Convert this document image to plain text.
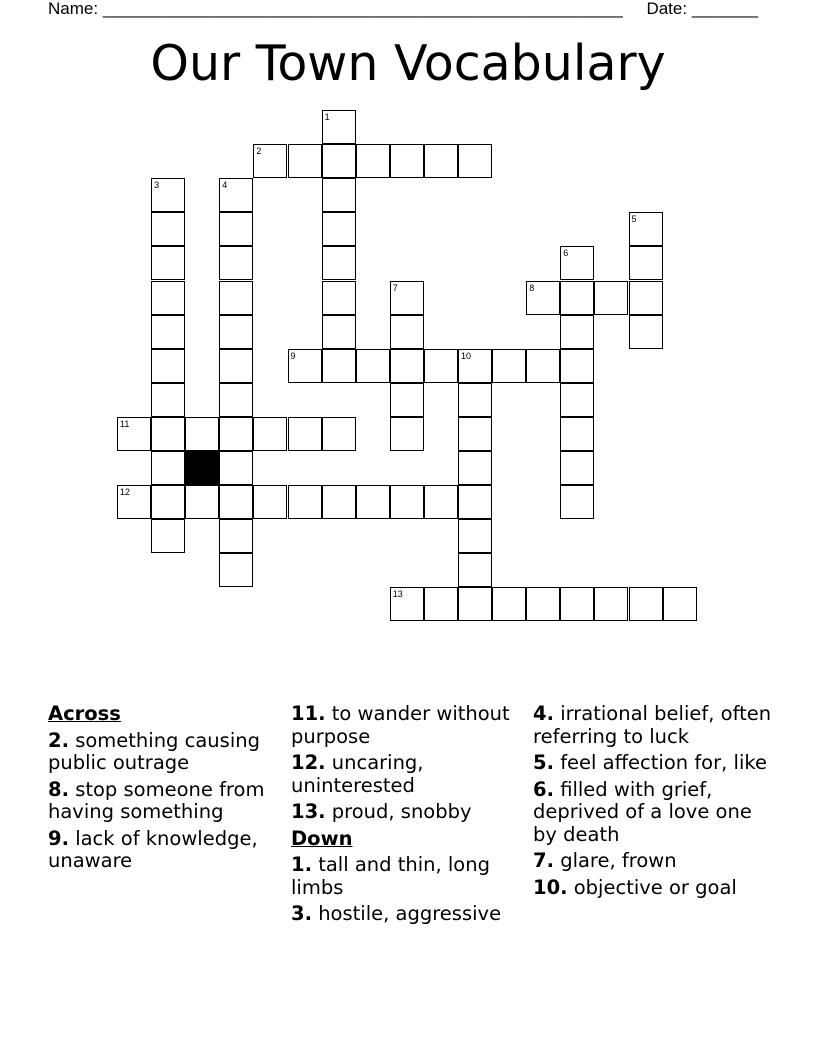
Name: _______________________________________________________ Date: _______
Our Town Vocabulary
1
2
3	4
5
6
7	8
9	10
11
12
13
Across

2. something causing public outrage

8. stop someone from having something

9. lack of knowledge, unaware

11. to wander without purpose

12. uncaring, uninterested

13. proud, snobby

Down

1. tall and thin, long limbs

3. hostile, aggressive

4. irrational belief, often referring to luck

5. feel affection for, like

6. filled with grief, deprived of a love one by death

7. glare, frown

10. objective or goal
